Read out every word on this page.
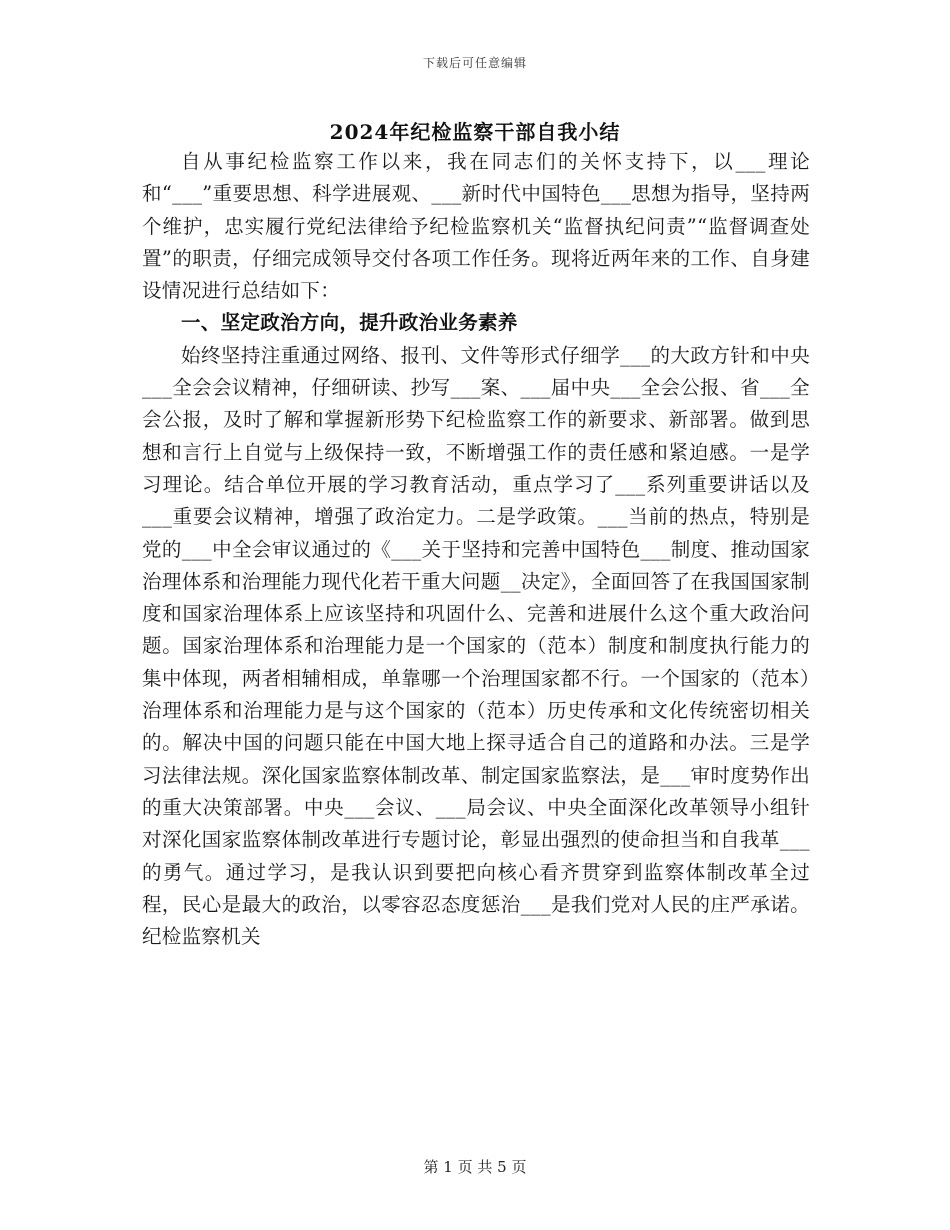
下载后可任意编辑
2024年纪检监察干部自我小结

自从事纪检监察工作以来，我在同志们的关怀支持下，以___理论和“___”重要思想、科学进展观、___新时代中国特色___思想为指导，坚持两个维护，忠实履行党纪法律给予纪检监察机关“监督执纪问责”“监督调查处置”的职责，仔细完成领导交付各项工作任务。现将近两年来的工作、自身建设情况进行总结如下：

一、坚定政治方向，提升政治业务素养

始终坚持注重通过网络、报刊、文件等形式仔细学___的大政方针和中央___全会会议精神，仔细研读、抄写___案、___届中央___全会公报、省___全会公报，及时了解和掌握新形势下纪检监察工作的新要求、新部署。做到思想和言行上自觉与上级保持一致，不断增强工作的责任感和紧迫感。一是学习理论。结合单位开展的学习教育活动，重点学习了___系列重要讲话以及___重要会议精神，增强了政治定力。二是学政策。___当前的热点，特别是党的___中全会审议通过的《___关于坚持和完善中国特色___制度、推动国家治理体系和治理能力现代化若干重大问题__决定》，全面回答了在我国国家制度和国家治理体系上应该坚持和巩固什么、完善和进展什么这个重大政治问题。国家治理体系和治理能力是一个国家的（范本）制度和制度执行能力的集中体现，两者相辅相成，单靠哪一个治理国家都不行。一个国家的（范本）治理体系和治理能力是与这个国家的（范本）历史传承和文化传统密切相关的。解决中国的问题只能在中国大地上探寻适合自己的道路和办法。三是学习法律法规。深化国家监察体制改革、制定国家监察法，是___审时度势作出的重大决策部署。中央___会议、___局会议、中央全面深化改革领导小组针对深化国家监察体制改革进行专题讨论，彰显出强烈的使命担当和自我革___的勇气。通过学习，是我认识到要把向核心看齐贯穿到监察体制改革全过程，民心是最大的政治，以零容忍态度惩治___是我们党对人民的庄严承诺。纪检监察机关

第 1 页 共 5 页
